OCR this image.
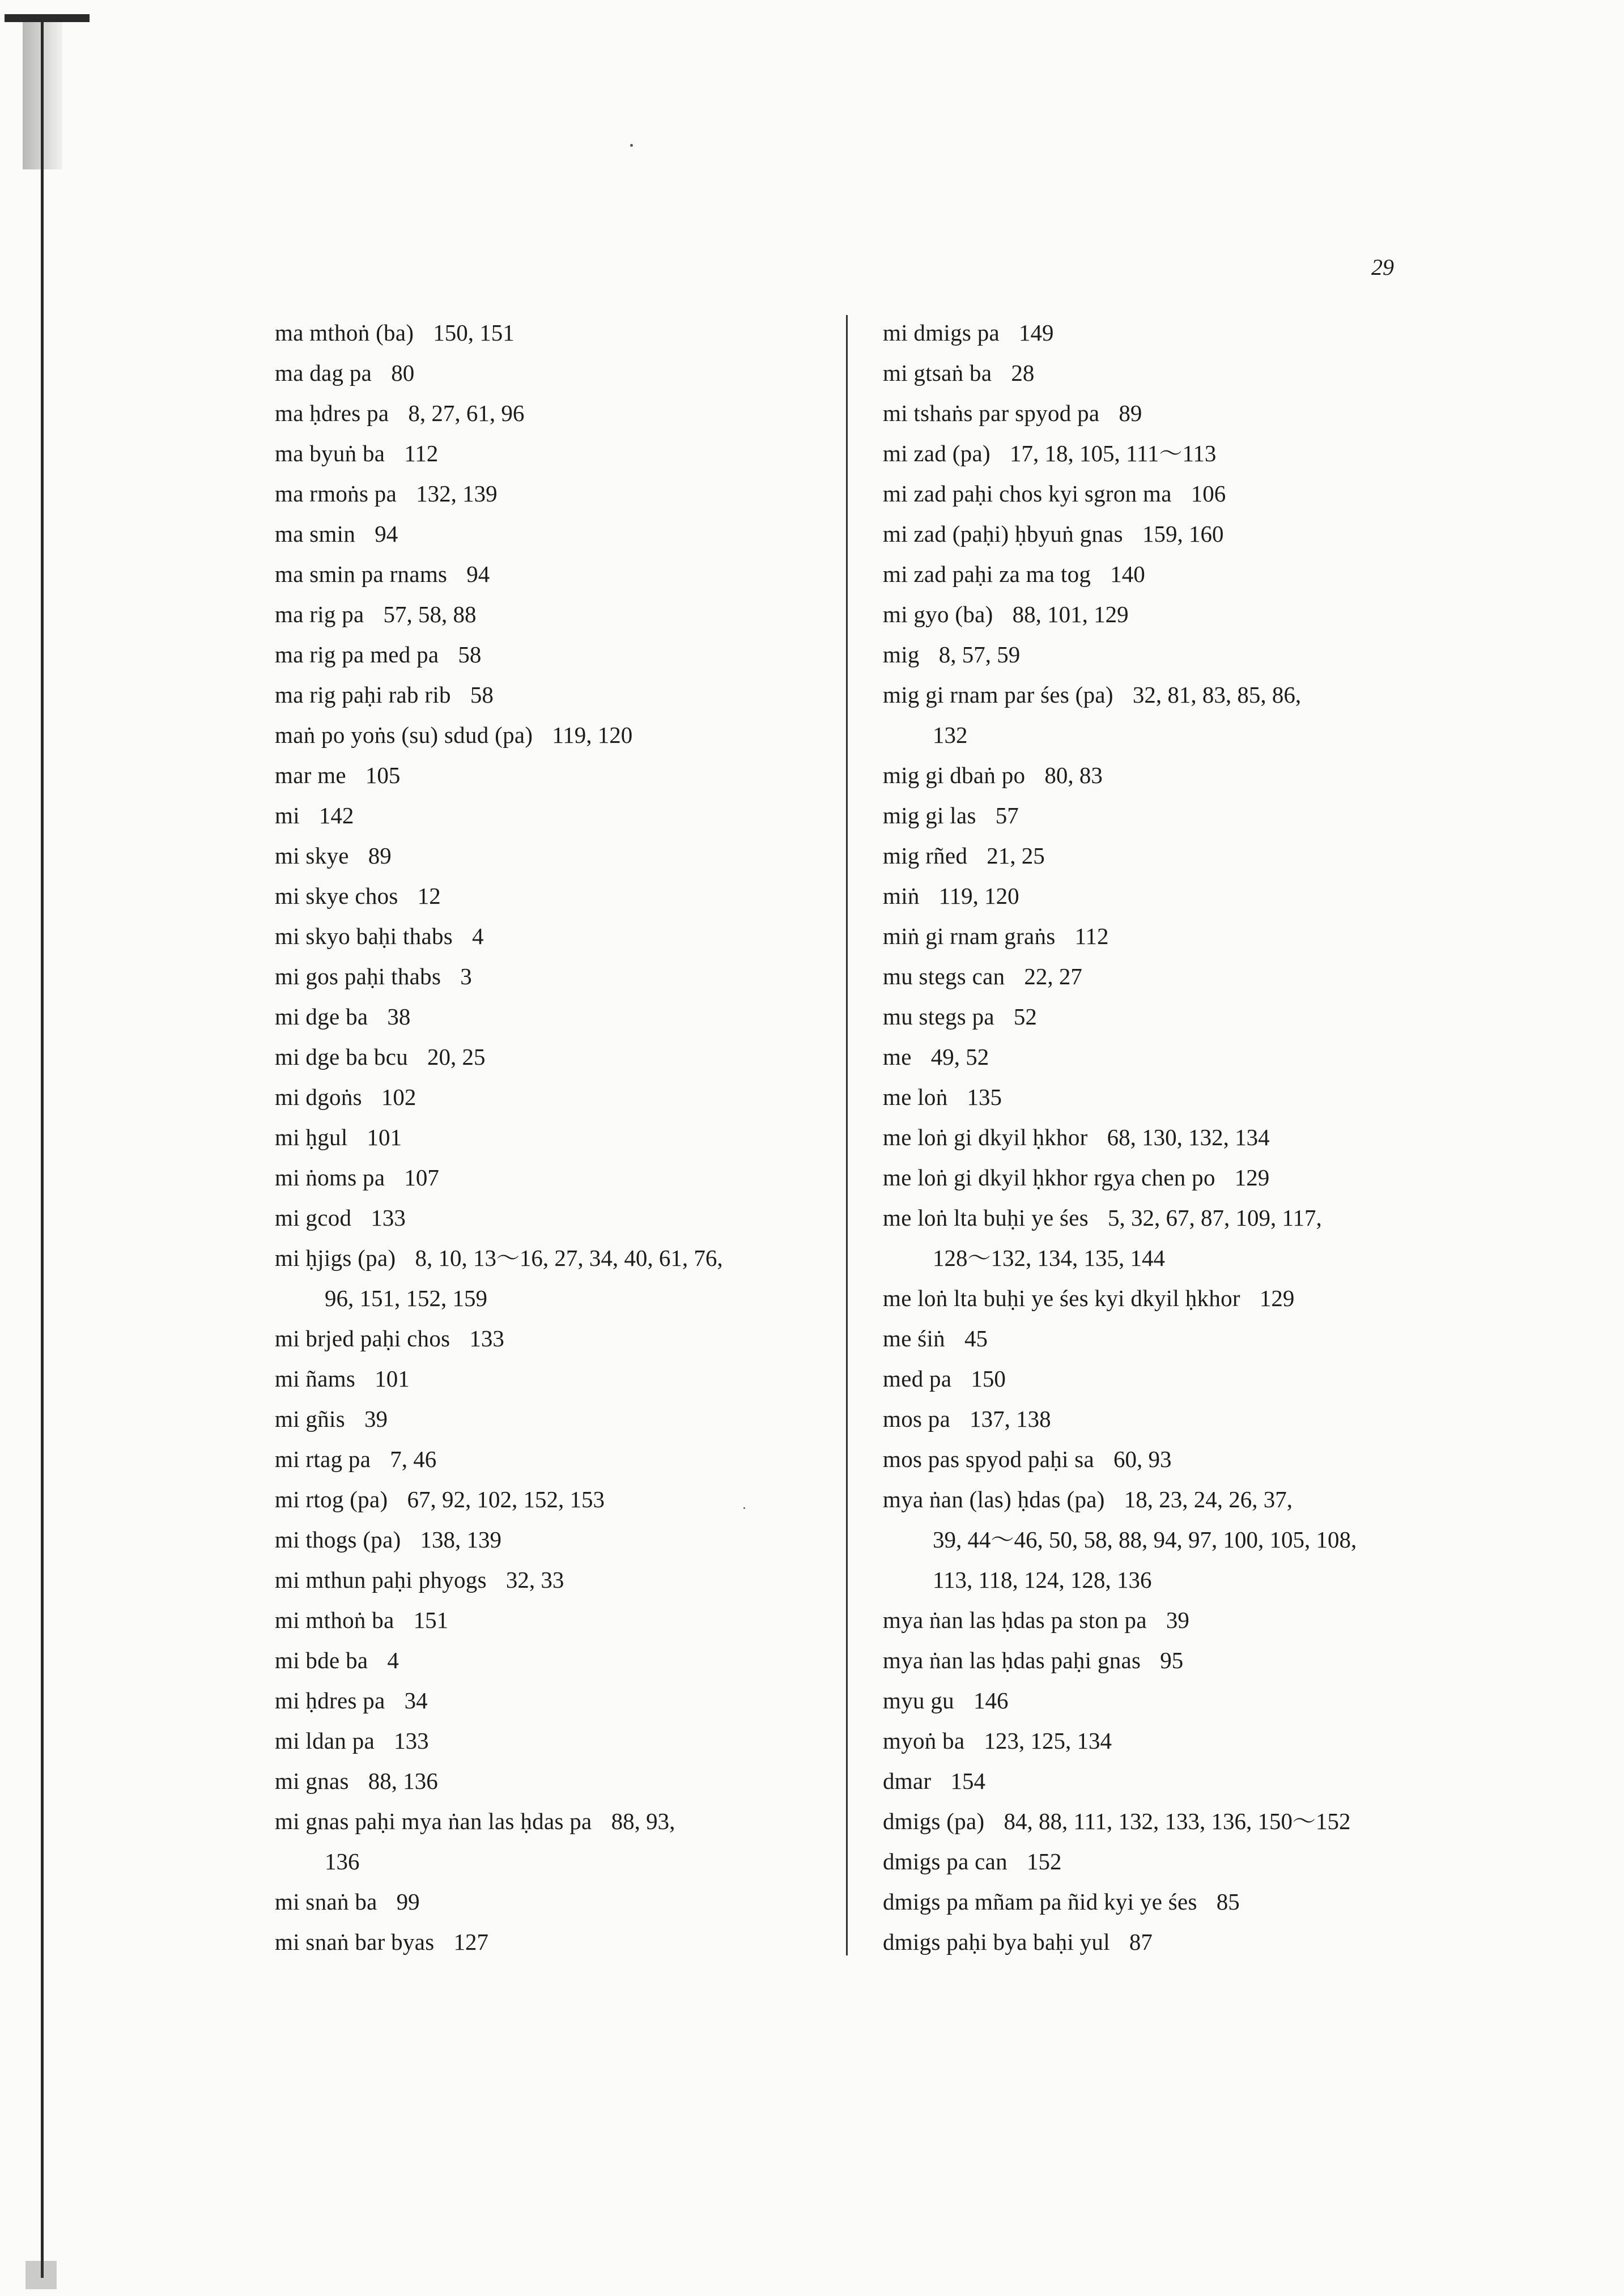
29
ma mthoṅ (ba) 150, 151
ma dag pa 80
ma ḥdres pa 8, 27, 61, 96
ma byuṅ ba 112
ma rmoṅs pa 132, 139
ma smin 94
ma smin pa rnams 94
ma rig pa 57, 58, 88
ma rig pa med pa 58
ma rig paḥi rab rib 58
maṅ po yoṅs (su) sdud (pa) 119, 120
mar me 105
mi 142
mi skye 89
mi skye chos 12
mi skyo baḥi thabs 4
mi gos paḥi thabs 3
mi dge ba 38
mi dge ba bcu 20, 25
mi dgoṅs 102
mi ḥgul 101
mi ṅoms pa 107
mi gcod 133
mi ḥjigs (pa) 8, 10, 13〜16, 27, 34, 40, 61, 76,
96, 151, 152, 159
mi brjed paḥi chos 133
mi ñams 101
mi gñis 39
mi rtag pa 7, 46
mi rtog (pa) 67, 92, 102, 152, 153
mi thogs (pa) 138, 139
mi mthun paḥi phyogs 32, 33
mi mthoṅ ba 151
mi bde ba 4
mi ḥdres pa 34
mi ldan pa 133
mi gnas 88, 136
mi gnas paḥi mya ṅan las ḥdas pa 88, 93,
136
mi snaṅ ba 99
mi snaṅ bar byas 127
mi dmigs pa 149
mi gtsaṅ ba 28
mi tshaṅs par spyod pa 89
mi zad (pa) 17, 18, 105, 111〜113
mi zad paḥi chos kyi sgron ma 106
mi zad (paḥi) ḥbyuṅ gnas 159, 160
mi zad paḥi za ma tog 140
mi gyo (ba) 88, 101, 129
mig 8, 57, 59
mig gi rnam par śes (pa) 32, 81, 83, 85, 86,
132
mig gi dbaṅ po 80, 83
mig gi las 57
mig rñed 21, 25
miṅ 119, 120
miṅ gi rnam graṅs 112
mu stegs can 22, 27
mu stegs pa 52
me 49, 52
me loṅ 135
me loṅ gi dkyil ḥkhor 68, 130, 132, 134
me loṅ gi dkyil ḥkhor rgya chen po 129
me loṅ lta buḥi ye śes 5, 32, 67, 87, 109, 117,
128〜132, 134, 135, 144
me loṅ lta buḥi ye śes kyi dkyil ḥkhor 129
me śiṅ 45
med pa 150
mos pa 137, 138
mos pas spyod paḥi sa 60, 93
mya ṅan (las) ḥdas (pa) 18, 23, 24, 26, 37,
39, 44〜46, 50, 58, 88, 94, 97, 100, 105, 108,
113, 118, 124, 128, 136
mya ṅan las ḥdas pa ston pa 39
mya ṅan las ḥdas paḥi gnas 95
myu gu 146
myoṅ ba 123, 125, 134
dmar 154
dmigs (pa) 84, 88, 111, 132, 133, 136, 150〜152
dmigs pa can 152
dmigs pa mñam pa ñid kyi ye śes 85
dmigs paḥi bya baḥi yul 87
